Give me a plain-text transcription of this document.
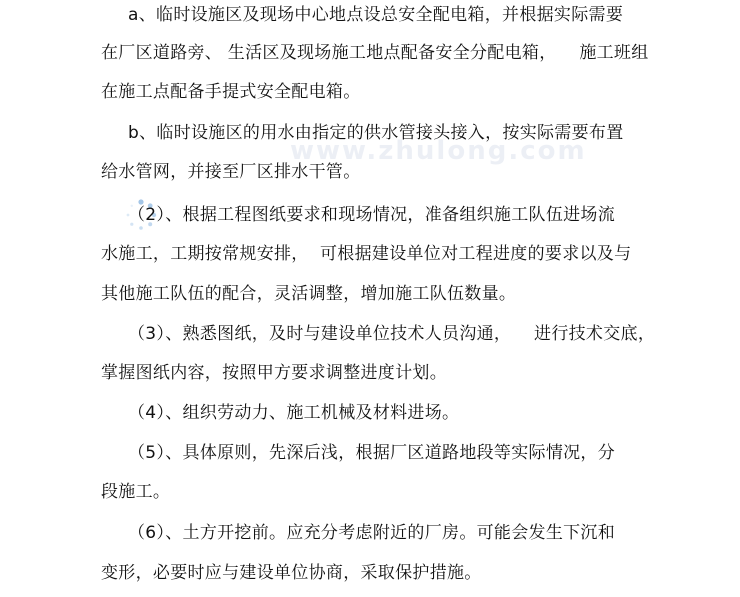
www.zhulong.com
a、临时设施区及现场中心地点设总安全配电箱，并根据实际需要
在厂区道路旁、 生活区及现场施工地点配备安全分配电箱，    施工班组
在施工点配备手提式安全配电箱。
b、临时设施区的用水由指定的供水管接头接入，按实际需要布置
给水管网，并接至厂区排水干管。
（2）、根据工程图纸要求和现场情况，准备组织施工队伍进场流
水施工，工期按常规安排，  可根据建设单位对工程进度的要求以及与
其他施工队伍的配合，灵活调整，增加施工队伍数量。
（3）、熟悉图纸，及时与建设单位技术人员沟通，    进行技术交底，
掌握图纸内容，按照甲方要求调整进度计划。
（4）、组织劳动力、施工机械及材料进场。
（5）、具体原则，先深后浅，根据厂区道路地段等实际情况，分
段施工。
（6）、土方开挖前。应充分考虑附近的厂房。可能会发生下沉和
变形，必要时应与建设单位协商，采取保护措施。
